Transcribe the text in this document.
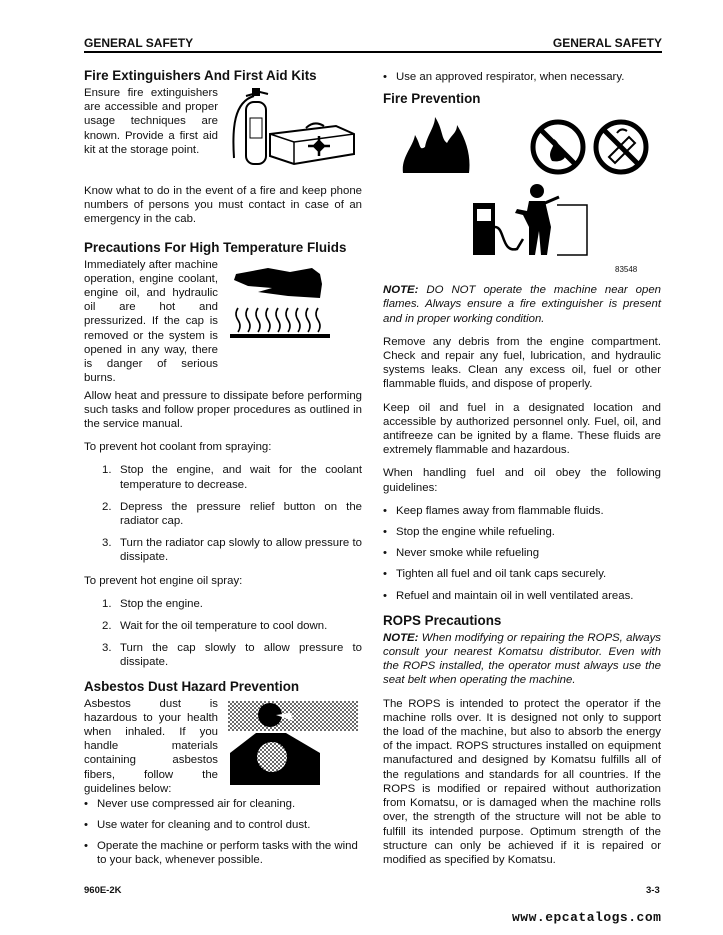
GENERAL SAFETY	GENERAL SAFETY
Fire Extinguishers And First Aid Kits

Ensure fire extinguishers are accessible and proper usage techniques are known. Provide a first aid kit at the storage point.

Know what to do in the event of a fire and keep phone numbers of persons you must contact in case of an emergency in the cab.

Precautions For High Temperature Fluids

Immediately after machine operation, engine coolant, engine oil, and hydraulic oil are hot and pressurized. If the cap is removed or the system is opened in any way, there is danger of serious burns.

Allow heat and pressure to dissipate before performing such tasks and follow proper procedures as outlined in the service manual.

To prevent hot coolant from spraying:

1. Stop the engine, and wait for the coolant temperature to decrease.
2. Depress the pressure relief button on the radiator cap.
3. Turn the radiator cap slowly to allow pressure to dissipate.

To prevent hot engine oil spray:

1. Stop the engine.
2. Wait for the oil temperature to cool down.
3. Turn the cap slowly to allow pressure to dissipate.
Asbestos Dust Hazard Prevention

Asbestos dust is hazardous to your health when inhaled. If you handle materials containing asbestos fibers, follow the guidelines below:

• Never use compressed air for cleaning.
• Use water for cleaning and to control dust.
• Operate the machine or perform tasks with the wind to your back, whenever possible.
• Use an approved respirator, when necessary.
Fire Prevention
83548

NOTE: DO NOT operate the machine near open flames. Always ensure a fire extinguisher is present and in proper working condition.

Remove any debris from the engine compartment. Check and repair any fuel, lubrication, and hydraulic systems leaks. Clean any excess oil, fuel or other flammable fluids, and dispose of properly.

Keep oil and fuel in a designated location and accessible by authorized personnel only. Fuel, oil, and antifreeze can be ignited by a flame. These fluids are extremely flammable and hazardous.

When handling fuel and oil obey the following guidelines:

• Keep flames away from flammable fluids.
• Stop the engine while refueling.
• Never smoke while refueling
• Tighten all fuel and oil tank caps securely.
• Refuel and maintain oil in well ventilated areas.
ROPS Precautions

NOTE: When modifying or repairing the ROPS, always consult your nearest Komatsu distributor. Even with the ROPS installed, the operator must always use the seat belt when operating the machine.

The ROPS is intended to protect the operator if the machine rolls over. It is designed not only to support the load of the machine, but also to absorb the energy of the impact. ROPS structures installed on equipment manufactured and designed by Komatsu fulfills all of the regulations and standards for all countries. If the ROPS is modified or repaired without authorization from Komatsu, or is damaged when the machine rolls over, the strength of the structure will not be able to fulfill its intended purpose. Optimum strength of the structure can only be achieved if it is repaired or modified as specified by Komatsu.

960E-2K	3-3
www.epcatalogs.com
